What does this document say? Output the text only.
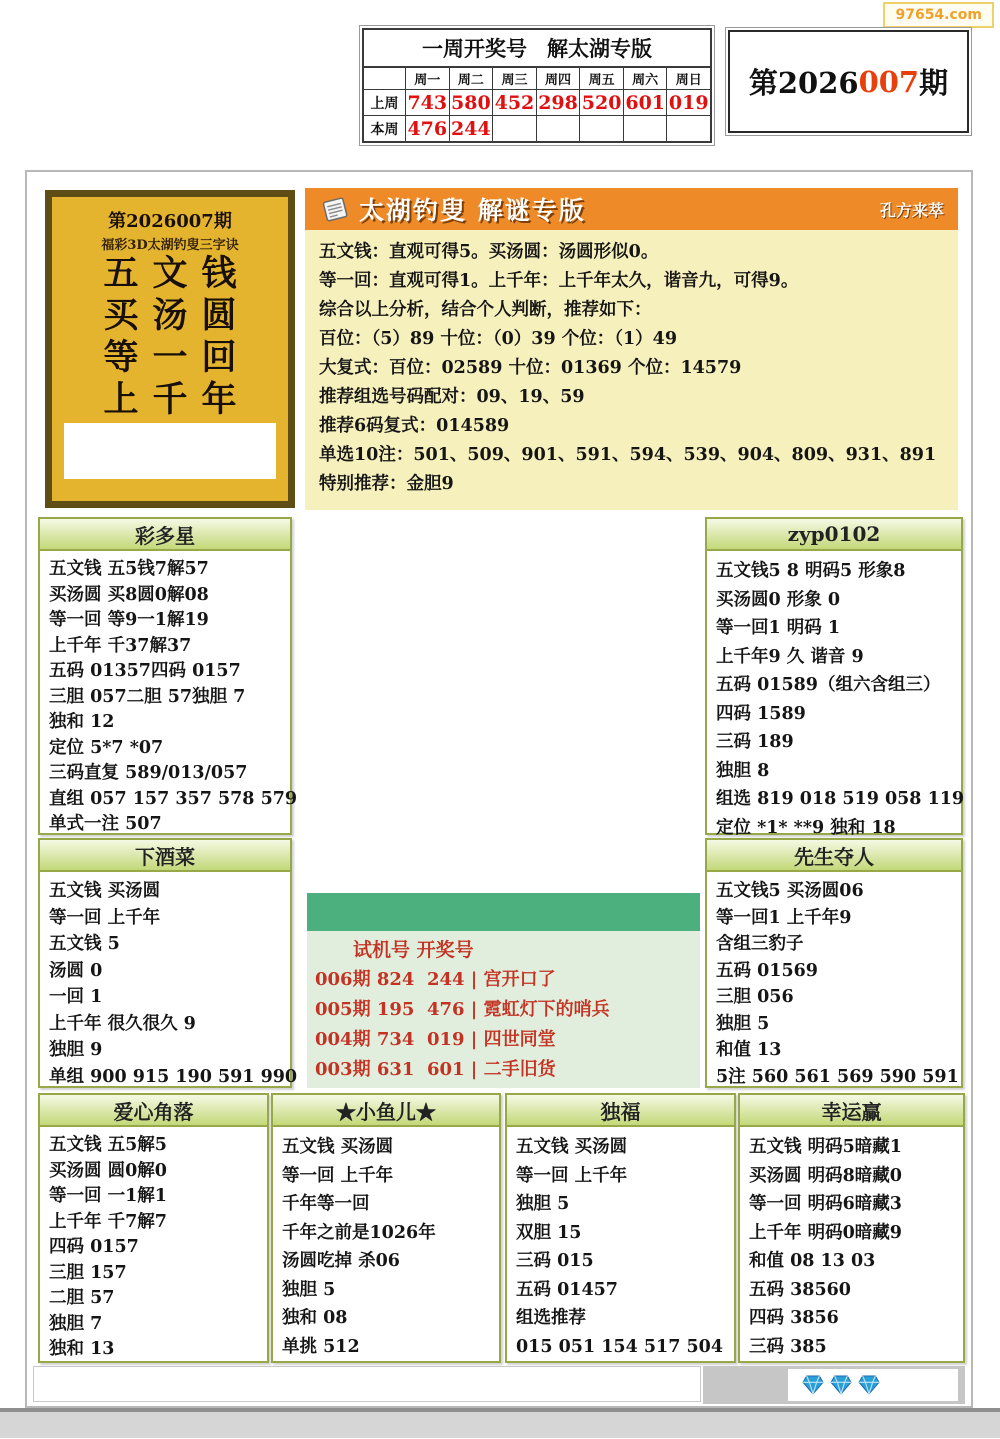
97654.com
一周开奖号 解太湖专版
周一	周二	周三	周四	周五	周六	周日
上周 743 580 452 298 520 601 019
本周 476 244
第2026 007 期
第2026007期
福彩3D太湖钓叟三字诀
五文钱
买汤圆
等一回
上千年
太湖钓叟 解谜专版	孔方来萃
五文钱：直观可得5。买汤圆：汤圆形似0。
等一回：直观可得1。上千年：上千年太久，谐音九，可得9。
综合以上分析，结合个人判断，推荐如下：
百位：（5）89 十位：（0）39 个位：（1）49
大复式：百位：02589 十位：01369 个位：14579
推荐组选号码配对：09、19、59
推荐6码复式：014589
单选10注：501、509、901、591、594、539、904、809、931、891
特别推荐：金胆9
彩多星
五文钱 五5钱7解57
买汤圆 买8圆0解08
等一回 等9一1解19
上千年 千37解37
五码 01357四码 0157
三胆 057二胆 57独胆 7
独和 12
定位 5*7 *07
三码直复 589/013/057
直组 057 157 357 578 579
单式一注 507
zyp0102
五文钱5 8 明码5 形象8
买汤圆0 形象 0
等一回1 明码 1
上千年9 久 谐音 9
五码 01589（组六含组三）
四码 1589
三码 189
独胆 8
组选 819 018 519 058 119
定位 *1* **9 独和 18
下酒菜
五文钱 买汤圆
等一回 上千年
五文钱 5
汤圆 0
一回 1
上千年 很久很久 9
独胆 9
单组 900 915 190 591 990
先生夺人
五文钱5 买汤圆06
等一回1 上千年9
含组三豹子
五码 01569
三胆 056
独胆 5
和值 13
5注 560 561 569 590 591
试机号 开奖号
006期 824  244 | 宫开口了
005期 195  476 | 霓虹灯下的哨兵
004期 734  019 | 四世同堂
003期 631  601 | 二手旧货
爱心角落
五文钱 五5解5
买汤圆 圆0解0
等一回 一1解1
上千年 千7解7
四码 0157
三胆 157
二胆 57
独胆 7
独和 13
★小鱼儿★
五文钱 买汤圆
等一回 上千年
千年等一回
千年之前是1026年
汤圆吃掉 杀06
独胆 5
独和 08
单挑 512
独福
五文钱 买汤圆
等一回 上千年
独胆 5
双胆 15
三码 015
五码 01457
组选推荐
015 051 154 517 504
幸运赢
五文钱 明码5暗藏1
买汤圆 明码8暗藏0
等一回 明码6暗藏3
上千年 明码0暗藏9
和值 08 13 03
五码 38560
四码 3856
三码 385
